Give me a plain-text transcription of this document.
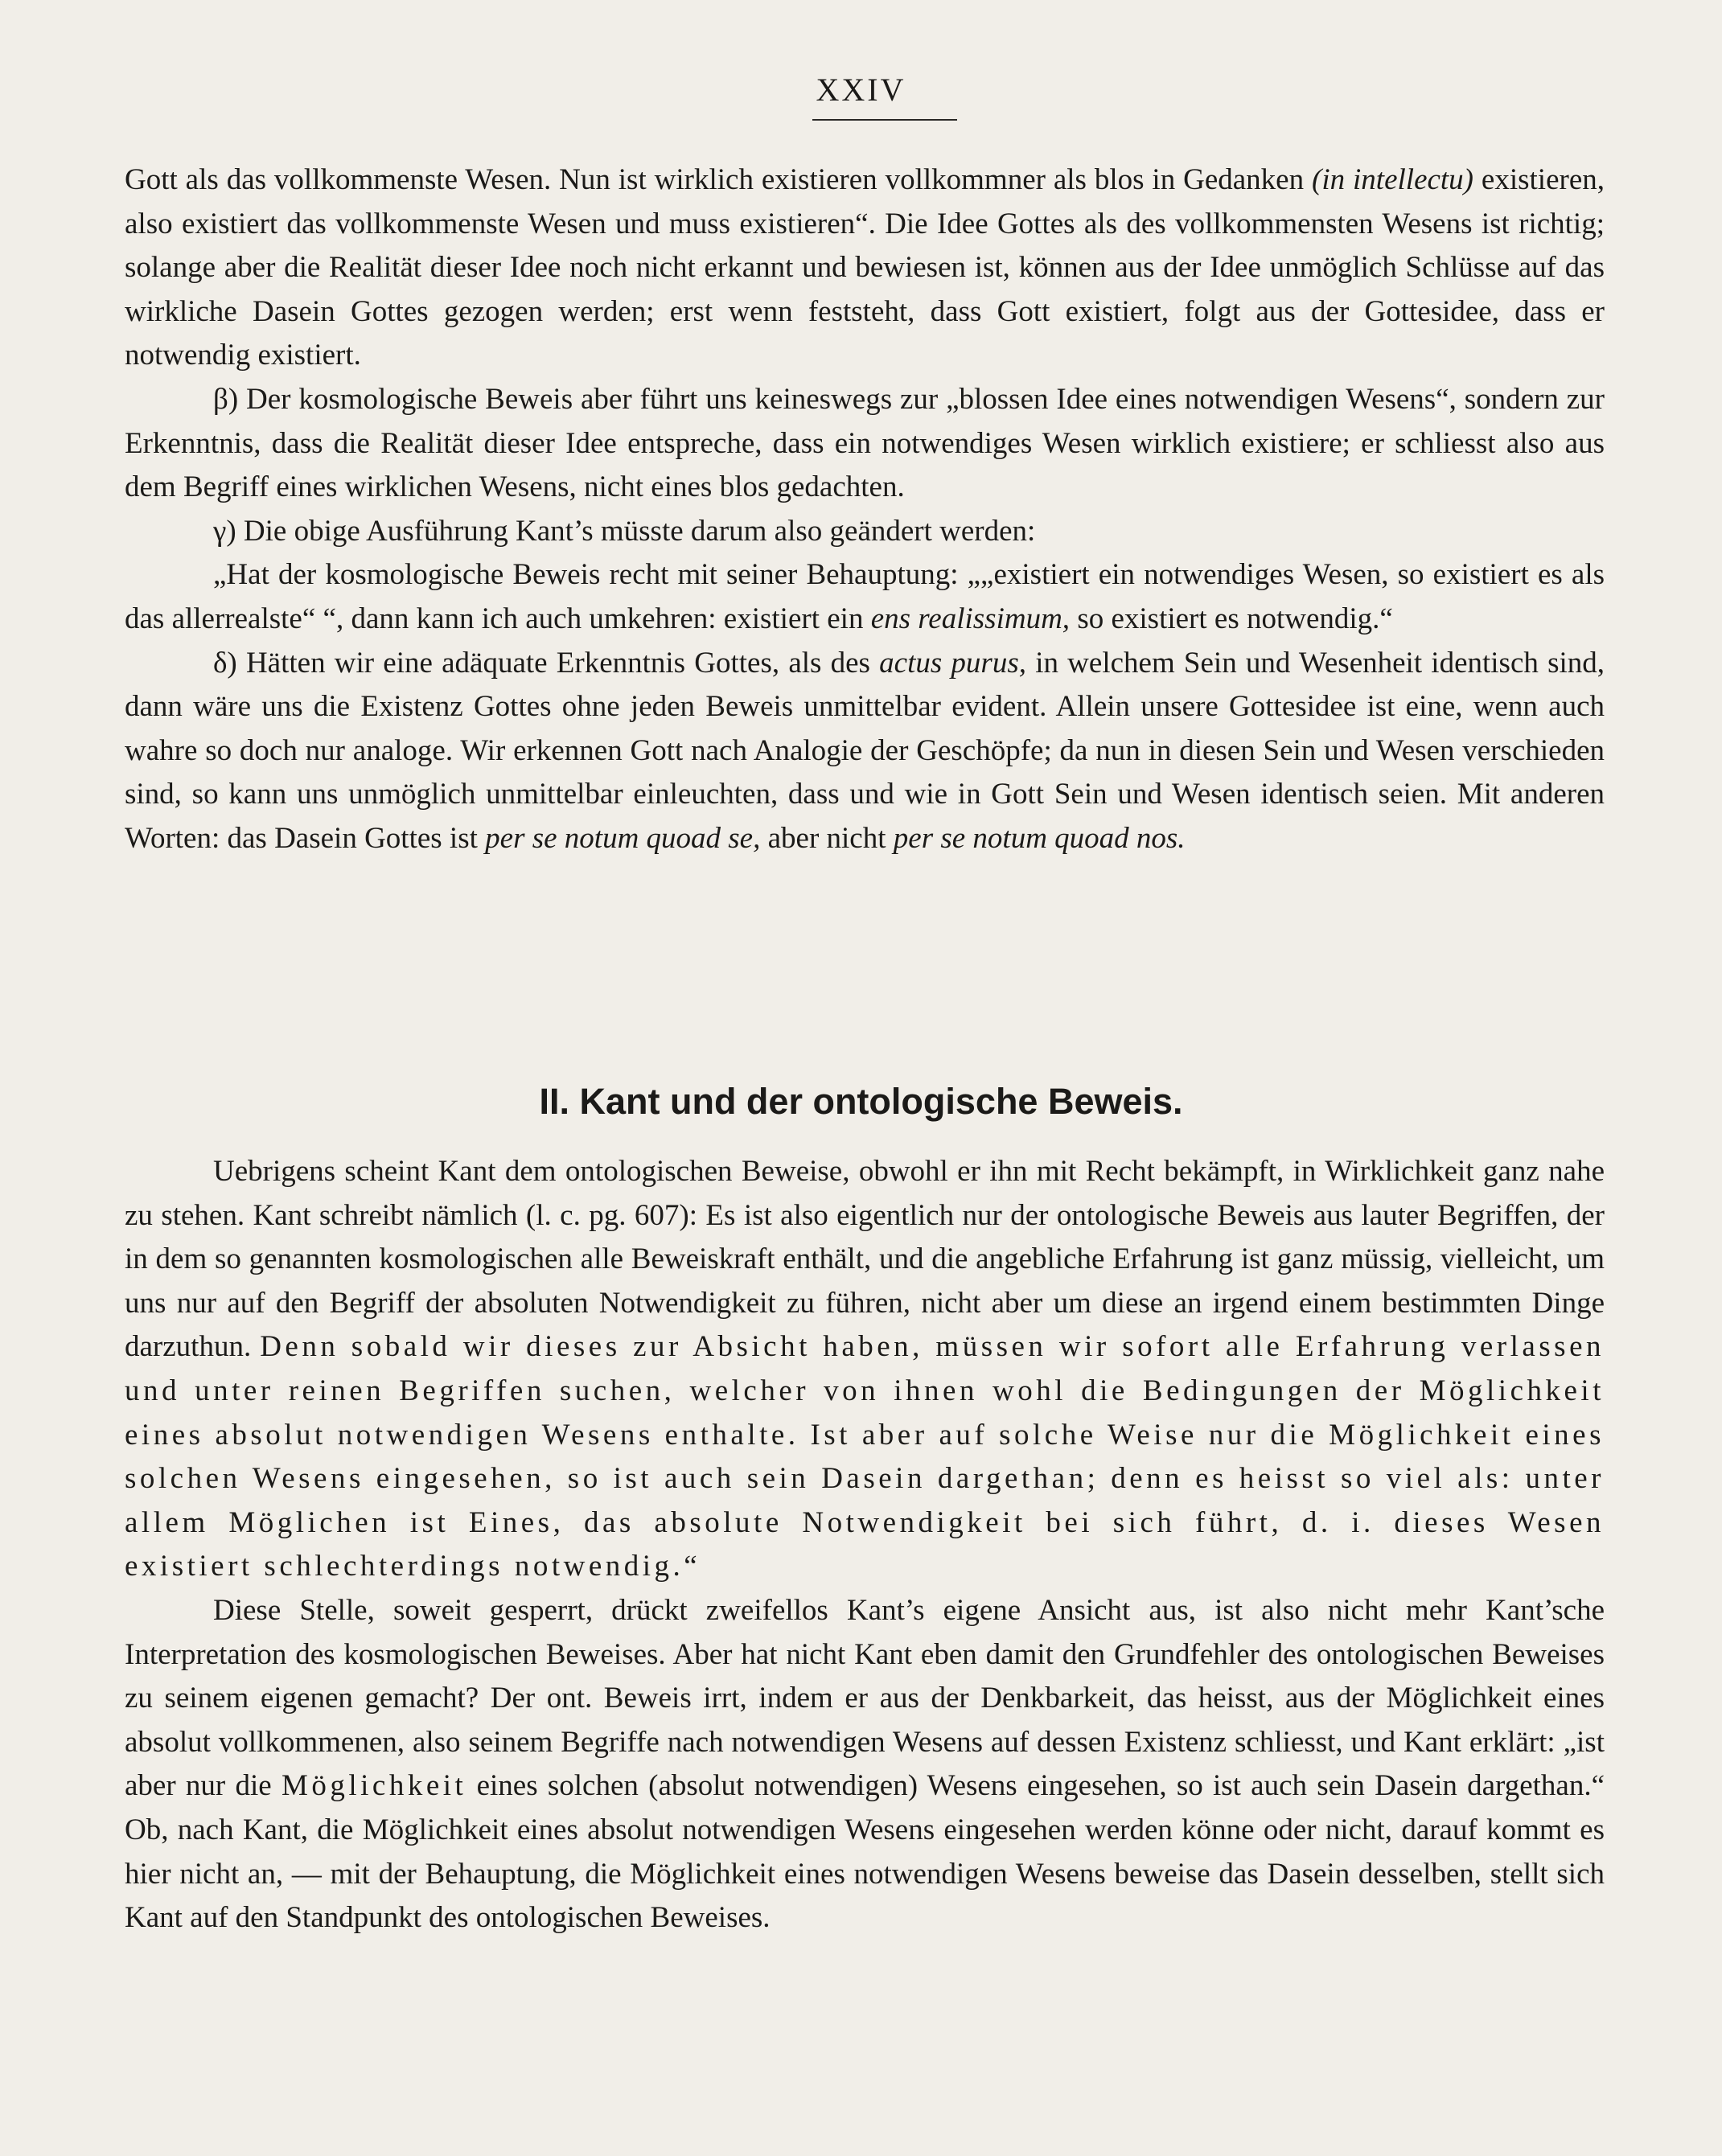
XXIV

Gott als das vollkommenste Wesen. Nun ist wirklich existieren vollkommner als blos in Gedanken (in intellectu) existieren, also existiert das vollkommenste Wesen und muss existieren“. Die Idee Gottes als des vollkommensten Wesens ist richtig; solange aber die Realität dieser Idee noch nicht erkannt und bewiesen ist, können aus der Idee unmöglich Schlüsse auf das wirkliche Dasein Gottes gezogen werden; erst wenn feststeht, dass Gott existiert, folgt aus der Gottesidee, dass er notwendig existiert.

β) Der kosmologische Beweis aber führt uns keineswegs zur „blossen Idee eines notwendigen Wesens“, sondern zur Erkenntnis, dass die Realität dieser Idee entspreche, dass ein notwendiges Wesen wirklich existiere; er schliesst also aus dem Begriff eines wirklichen Wesens, nicht eines blos gedachten.

γ) Die obige Ausführung Kant’s müsste darum also geändert werden:

„Hat der kosmologische Beweis recht mit seiner Behauptung: „„existiert ein notwendiges Wesen, so existiert es als das allerrealste“ “, dann kann ich auch umkehren: existiert ein ens realissimum, so existiert es notwendig.“

δ) Hätten wir eine adäquate Erkenntnis Gottes, als des actus purus, in welchem Sein und Wesenheit identisch sind, dann wäre uns die Existenz Gottes ohne jeden Beweis unmittelbar evident. Allein unsere Gottesidee ist eine, wenn auch wahre so doch nur analoge. Wir erkennen Gott nach Analogie der Geschöpfe; da nun in diesen Sein und Wesen verschieden sind, so kann uns unmöglich unmittelbar einleuchten, dass und wie in Gott Sein und Wesen identisch seien. Mit anderen Worten: das Dasein Gottes ist per se notum quoad se, aber nicht per se notum quoad nos.

II. Kant und der ontologische Beweis.

Uebrigens scheint Kant dem ontologischen Beweise, obwohl er ihn mit Recht bekämpft, in Wirklichkeit ganz nahe zu stehen. Kant schreibt nämlich (l. c. pg. 607): Es ist also eigentlich nur der ontologische Beweis aus lauter Begriffen, der in dem so genannten kosmologischen alle Beweiskraft enthält, und die angebliche Erfahrung ist ganz müssig, vielleicht, um uns nur auf den Begriff der absoluten Notwendigkeit zu führen, nicht aber um diese an irgend einem bestimmten Dinge darzuthun. Denn sobald wir dieses zur Absicht haben, müssen wir sofort alle Erfahrung verlassen und unter reinen Begriffen suchen, welcher von ihnen wohl die Bedingungen der Möglichkeit eines absolut notwendigen Wesens enthalte. Ist aber auf solche Weise nur die Möglichkeit eines solchen Wesens eingesehen, so ist auch sein Dasein dargethan; denn es heisst so viel als: unter allem Möglichen ist Eines, das absolute Notwendigkeit bei sich führt, d. i. dieses Wesen existiert schlechterdings notwendig.“

Diese Stelle, soweit gesperrt, drückt zweifellos Kant’s eigene Ansicht aus, ist also nicht mehr Kant’sche Interpretation des kosmologischen Beweises. Aber hat nicht Kant eben damit den Grundfehler des ontologischen Beweises zu seinem eigenen gemacht? Der ont. Beweis irrt, indem er aus der Denkbarkeit, das heisst, aus der Möglichkeit eines absolut vollkommenen, also seinem Begriffe nach notwendigen Wesens auf dessen Existenz schliesst, und Kant erklärt: „ist aber nur die Möglichkeit eines solchen (absolut notwendigen) Wesens eingesehen, so ist auch sein Dasein dargethan.“ Ob, nach Kant, die Möglichkeit eines absolut notwendigen Wesens eingesehen werden könne oder nicht, darauf kommt es hier nicht an, — mit der Behauptung, die Möglichkeit eines notwendigen Wesens beweise das Dasein desselben, stellt sich Kant auf den Standpunkt des ontologischen Beweises.
